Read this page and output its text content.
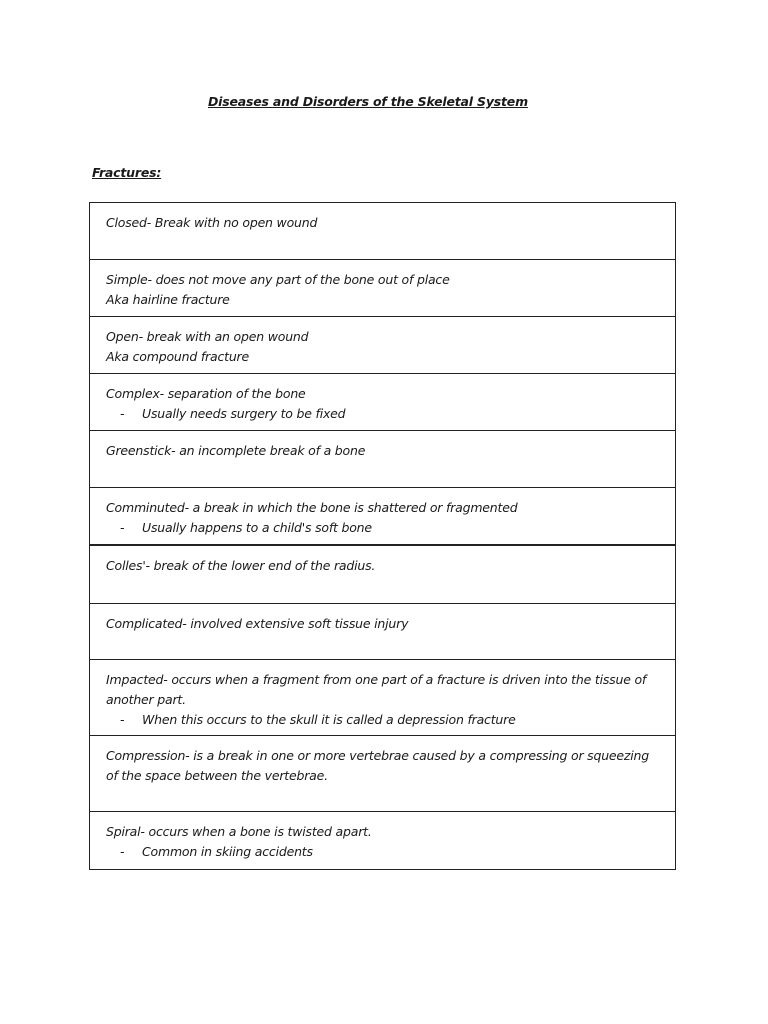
Diseases and Disorders of the Skeletal System
Fractures:
Closed- Break with no open wound
Simple- does not move any part of the bone out of place
Aka hairline fracture
Open- break with an open wound
Aka compound fracture
Complex- separation of the bone
- Usually needs surgery to be fixed
Greenstick- an incomplete break of a bone
Comminuted- a break in which the bone is shattered or fragmented
- Usually happens to a child's soft bone
Colles'- break of the lower end of the radius.
Complicated- involved extensive soft tissue injury
Impacted- occurs when a fragment from one part of a fracture is driven into the tissue of another part.
- When this occurs to the skull it is called a depression fracture
Compression- is a break in one or more vertebrae caused by a compressing or squeezing of the space between the vertebrae.
Spiral- occurs when a bone is twisted apart.
- Common in skiing accidents
